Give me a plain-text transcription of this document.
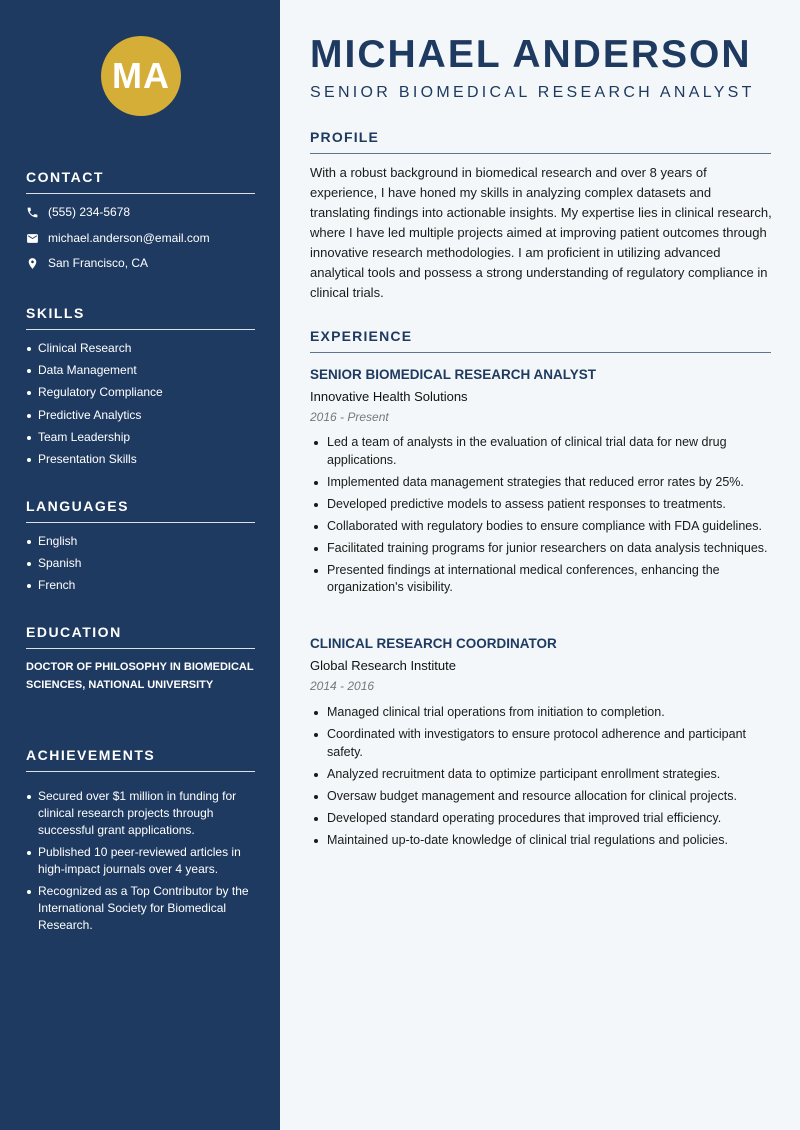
MA
CONTACT
(555) 234-5678
michael.anderson@email.com
San Francisco, CA
SKILLS
Clinical Research
Data Management
Regulatory Compliance
Predictive Analytics
Team Leadership
Presentation Skills
LANGUAGES
English
Spanish
French
EDUCATION
DOCTOR OF PHILOSOPHY IN BIOMEDICAL SCIENCES, NATIONAL UNIVERSITY
ACHIEVEMENTS
Secured over $1 million in funding for clinical research projects through successful grant applications.
Published 10 peer-reviewed articles in high-impact journals over 4 years.
Recognized as a Top Contributor by the International Society for Biomedical Research.
MICHAEL ANDERSON
SENIOR BIOMEDICAL RESEARCH ANALYST
PROFILE

With a robust background in biomedical research and over 8 years of experience, I have honed my skills in analyzing complex datasets and translating findings into actionable insights. My expertise lies in clinical research, where I have led multiple projects aimed at improving patient outcomes through innovative research methodologies. I am proficient in utilizing advanced analytical tools and possess a strong understanding of regulatory compliance in clinical trials.

EXPERIENCE
SENIOR BIOMEDICAL RESEARCH ANALYST
Innovative Health Solutions
2016 - Present
Led a team of analysts in the evaluation of clinical trial data for new drug applications.
Implemented data management strategies that reduced error rates by 25%.
Developed predictive models to assess patient responses to treatments.
Collaborated with regulatory bodies to ensure compliance with FDA guidelines.
Facilitated training programs for junior researchers on data analysis techniques.
Presented findings at international medical conferences, enhancing the organization's visibility.
CLINICAL RESEARCH COORDINATOR
Global Research Institute
2014 - 2016
Managed clinical trial operations from initiation to completion.
Coordinated with investigators to ensure protocol adherence and participant safety.
Analyzed recruitment data to optimize participant enrollment strategies.
Oversaw budget management and resource allocation for clinical projects.
Developed standard operating procedures that improved trial efficiency.
Maintained up-to-date knowledge of clinical trial regulations and policies.
